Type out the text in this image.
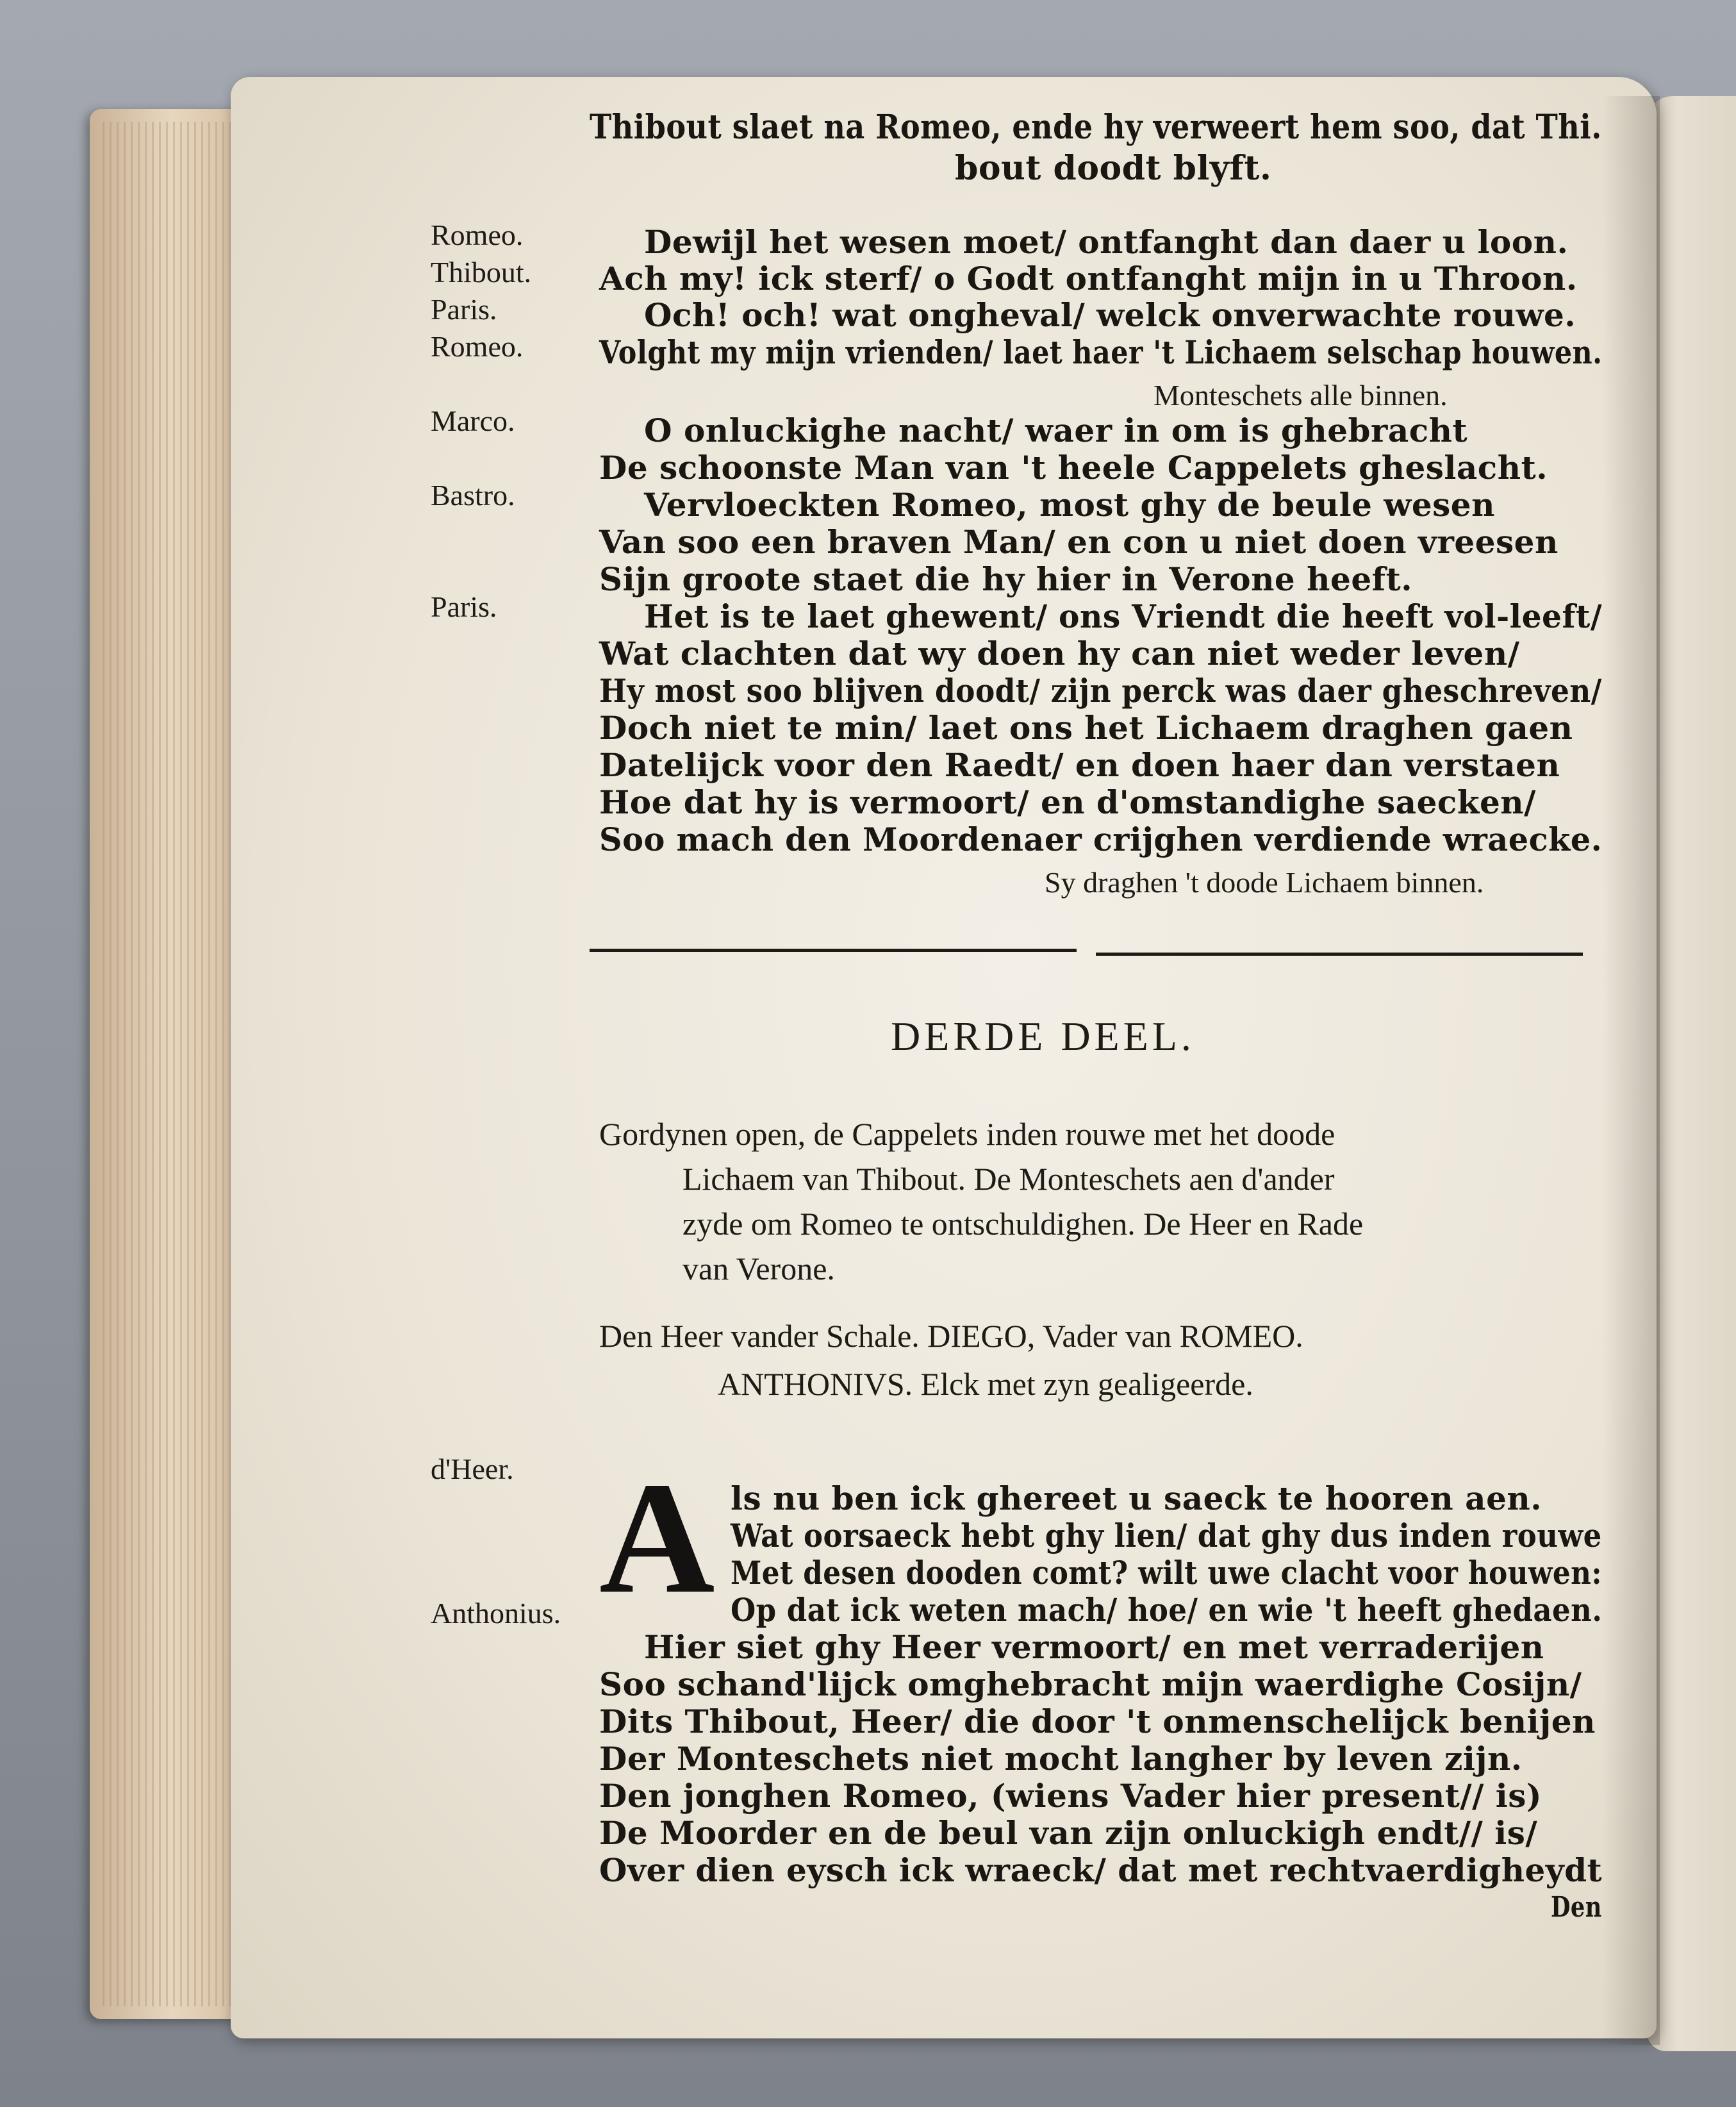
Thibout slaet na Romeo, ende hy verweert hem soo, dat Thi.
bout doodt blyft.
Romeo.
Thibout.
Paris.
Romeo.
Marco.
Bastro.
Paris.
Dewijl het wesen moet/ ontfanght dan daer u loon.
Ach my! ick sterf/ o Godt ontfanght mijn in u Throon.
Och! och! wat ongheval/ welck onverwachte rouwe.
Volght my mijn vrienden/ laet haer 't Lichaem selschap houwen.
Monteschets alle binnen.
O onluckighe nacht/ waer in om is ghebracht
De schoonste Man van 't heele Cappelets gheslacht.
Vervloeckten Romeo, most ghy de beule wesen
Van soo een braven Man/ en con u niet doen vreesen
Sijn groote staet die hy hier in Verone heeft.
Het is te laet ghewent/ ons Vriendt die heeft vol-leeft/
Wat clachten dat wy doen hy can niet weder leven/
Hy most soo blijven doodt/ zijn perck was daer gheschreven/
Doch niet te min/ laet ons het Lichaem draghen gaen
Datelijck voor den Raedt/ en doen haer dan verstaen
Hoe dat hy is vermoort/ en d'omstandighe saecken/
Soo mach den Moordenaer crijghen verdiende wraecke.
Sy draghen 't doode Lichaem binnen.
DERDE DEEL.
Gordynen open, de Cappelets inden rouwe met het doode
Lichaem van Thibout. De Monteschets aen d'ander
zyde om Romeo te ontschuldighen. De Heer en Rade
van Verone.
Den Heer vander Schale. DIEGO, Vader van ROMEO.
ANTHONIVS. Elck met zyn gealigeerde.
d'Heer.
Anthonius. A ls nu ben ick ghereet u saeck te hooren aen.
Wat oorsaeck hebt ghy lien/ dat ghy dus inden rouwe
Met desen dooden comt? wilt uwe clacht voor houwen:
Op dat ick weten mach/ hoe/ en wie 't heeft ghedaen.
Hier siet ghy Heer vermoort/ en met verraderijen
Soo schand'lijck omghebracht mijn waerdighe Cosijn/
Dits Thibout, Heer/ die door 't onmenschelijck benijen
Der Monteschets niet mocht langher by leven zijn.
Den jonghen Romeo, (wiens Vader hier present// is)
De Moorder en de beul van zijn onluckigh endt// is/
Over dien eysch ick wraeck/ dat met rechtvaerdigheydt
Den
